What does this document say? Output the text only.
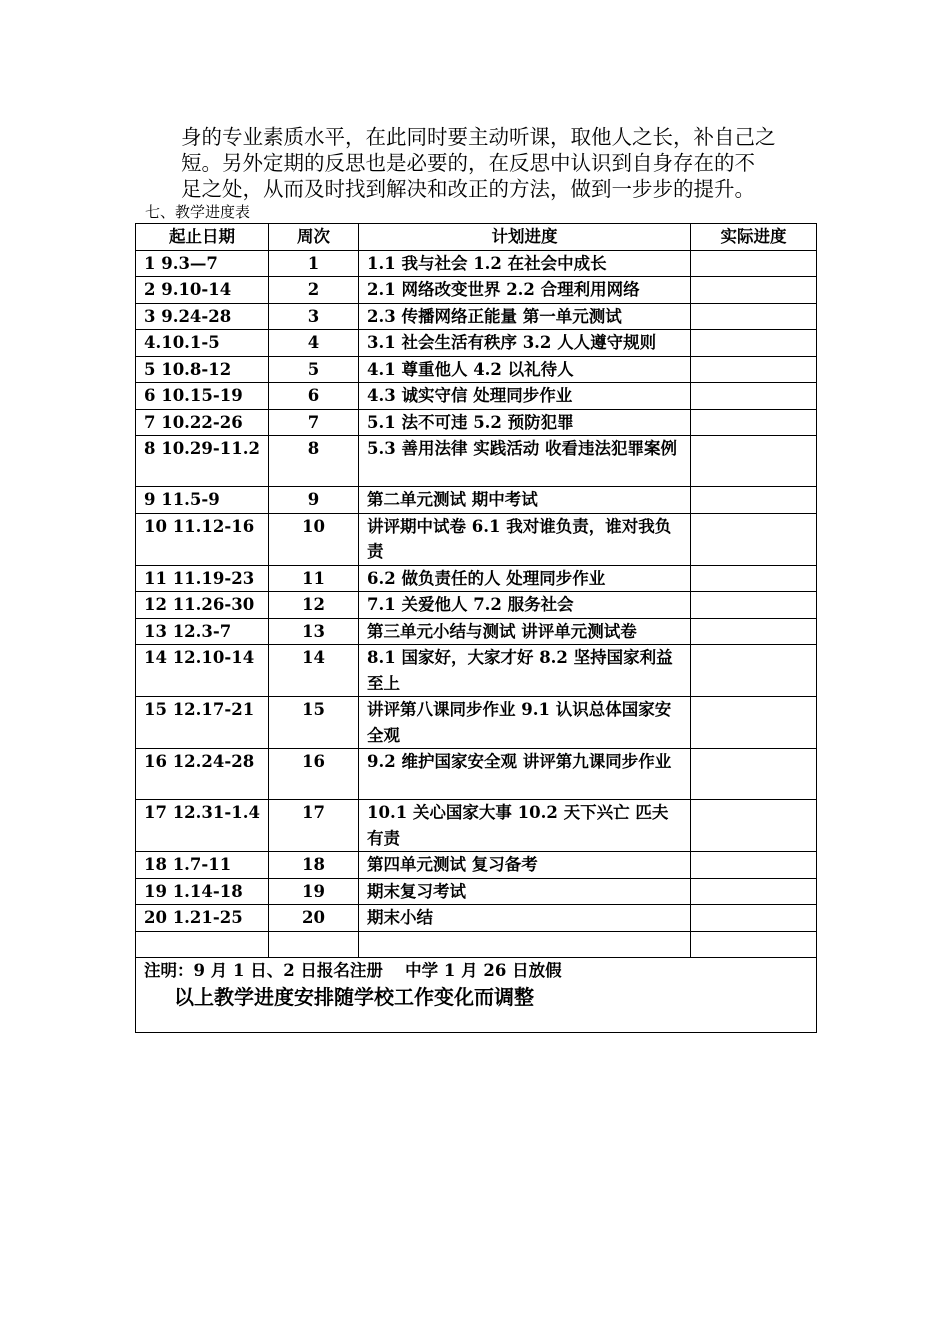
身的专业素质水平，在此同时要主动听课，取他人之长，补自己之

短。另外定期的反思也是必要的，在反思中认识到自身存在的不

足之处，从而及时找到解决和改正的方法，做到一步步的提升。

七、教学进度表
起止日期	周次	计划进度	实际进度
1 9.3—7	1	1.1 我与社会 1.2 在社会中成长	
2 9.10-14	2	2.1 网络改变世界 2.2 合理利用网络	
3 9.24-28	3	2.3 传播网络正能量 第一单元测试	
4.10.1-5	4	3.1 社会生活有秩序 3.2 人人遵守规则	
5 10.8-12	5	4.1 尊重他人 4.2 以礼待人	
6 10.15-19	6	4.3 诚实守信 处理同步作业	
7 10.22-26	7	5.1 法不可违 5.2 预防犯罪	
8 10.29-11.2	8	5.3 善用法律 实践活动 收看违法犯罪案例	
9 11.5-9	9	第二单元测试 期中考试	
10 11.12-16	10	讲评期中试卷 6.1 我对谁负责，谁对我负责	
11 11.19-23	11	6.2 做负责任的人 处理同步作业	
12 11.26-30	12	7.1 关爱他人 7.2 服务社会	
13 12.3-7	13	第三单元小结与测试 讲评单元测试卷	
14 12.10-14	14	8.1 国家好，大家才好 8.2 坚持国家利益至上	
15 12.17-21	15	讲评第八课同步作业 9.1 认识总体国家安全观	
16 12.24-28	16	9.2 维护国家安全观 讲评第九课同步作业	
17 12.31-1.4	17	10.1 关心国家大事 10.2 天下兴亡 匹夫有责	
18 1.7-11	18	第四单元测试 复习备考	
19 1.14-18	19	期末复习考试	
20 1.21-25	20	期末小结	

注明：9 月 1 日、2 日报名注册　 中学 1 月 26 日放假
以上教学进度安排随学校工作变化而调整			
